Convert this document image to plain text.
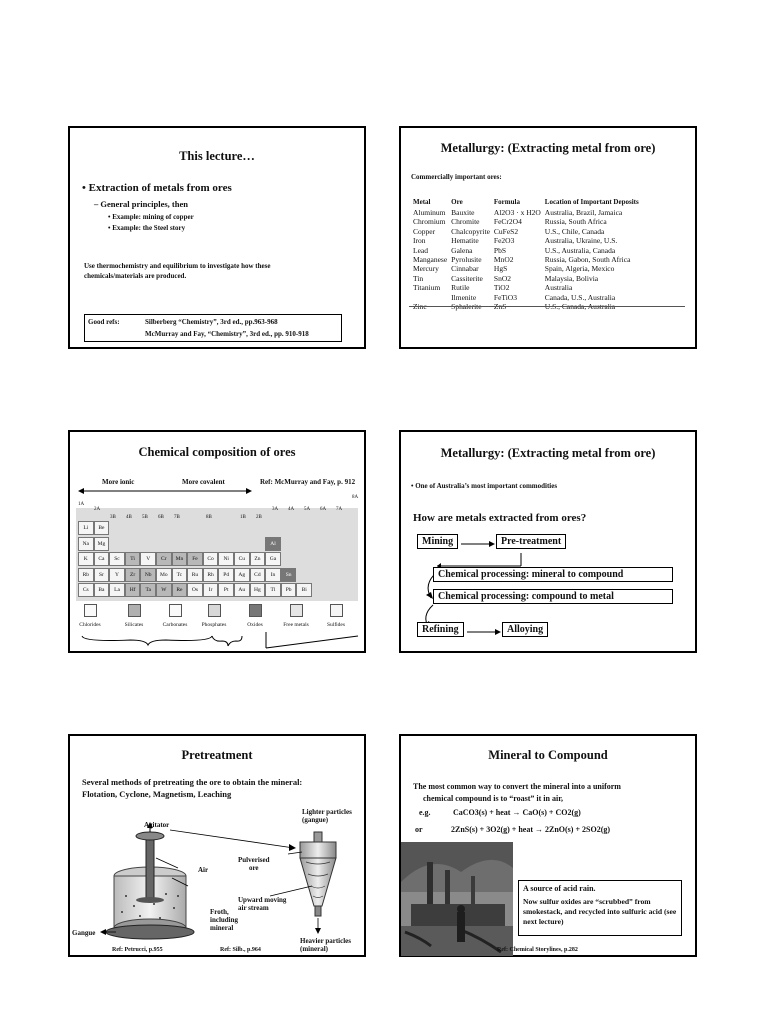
This lecture…
• Extraction of metals from ores
– General principles, then
• Example: mining of copper
• Example: the Steel story
Use thermochemistry and equilibrium to investigate how these
chemicals/materials are produced.
Good refs:	Silberberg “Chemistry”, 3rd ed., pp.963-968
McMurray and Fay, “Chemistry”, 3rd ed., pp. 910-918
Metallurgy: (Extracting metal from ore)
Commercially important ores:
Metal	Ore	Formula	Location of Important Deposits
Aluminum	Bauxite	Al2O3 · x H2O	Australia, Brazil, Jamaica
Chromium	Chromite	FeCr2O4	Russia, South Africa
Copper	Chalcopyrite	CuFeS2	U.S., Chile, Canada
Iron	Hematite	Fe2O3	Australia, Ukraine, U.S.
Lead	Galena	PbS	U.S., Australia, Canada
Manganese	Pyrolusite	MnO2	Russia, Gabon, South Africa
Mercury	Cinnabar	HgS	Spain, Algeria, Mexico
Tin	Cassiterite	SnO2	Malaysia, Bolivia
Titanium	Rutile	TiO2	Australia
	Ilmenite	FeTiO3	Canada, U.S., Australia
Zinc	Sphalerite	ZnS	U.S., Canada, Australia
Chemical composition of ores
More ionic	More covalent	Ref: McMurray and Fay, p. 912
Li	Be
Na	Mg	Al
K	Ca	Sc	Ti	V	Cr	Mn	Fe	Co	Ni	Cu	Zn	Ga
Rb	Sr	Y	Zr	Nb	Mo	Tc	Ru	Rh	Pd	Ag	Cd	In	Sn
Cs	Ba	La	Hf	Ta	W	Re	Os	Ir	Pt	Au	Hg	Tl	Pb	Bi
1A
2A	3A 4A 5A 6A 7A
8A
3B 4B 5B 6B 7B	8B	1B 2B
Chlorides	Silicates	Carbonates	Phosphates	Oxides	Free metals	Sulfides
Metallurgy: (Extracting metal from ore)
• One of Australia’s most important commodities
How are metals extracted from ores?
Mining	Pre-treatment
Chemical processing: mineral to compound
Chemical processing: compound to metal
Refining	Alloying
Pretreatment
Several methods of pretreating the ore to obtain the mineral:
Flotation, Cyclone, Magnetism, Leaching
Agitator
Air
Froth,
including
mineral
Gangue
Lighter particles
(gangue)
Pulverised
ore
Upward moving
air stream
Heavier particles
(mineral)
Ref: Petrucci, p.955	Ref: Silb., p.964
Mineral to Compound
The most common way to convert the mineral into a uniform
chemical compound is to “roast” it in air,
e.g.	CaCO3(s) + heat → CaO(s) + CO2(g)
or	2ZnS(s) + 3O2(g) + heat → 2ZnO(s) + 2SO2(g)
A source of acid rain.
Now sulfur oxides are “scrubbed” from smokestack, and recycled into sulfuric acid (see next lecture)
Ref: Chemical Storylines, p.282
